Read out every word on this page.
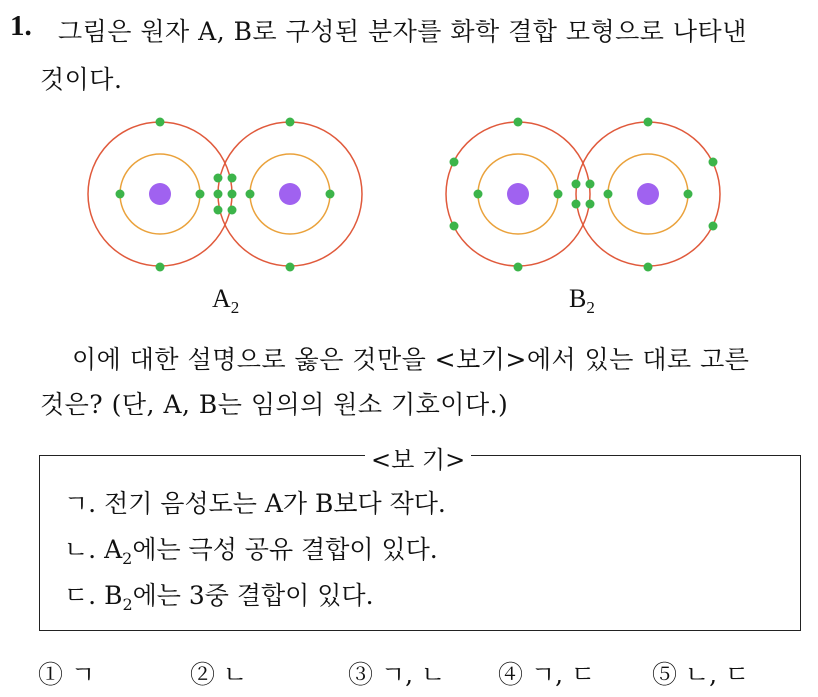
1. 그림은 원자 A, B로 구성된 분자를 화학 결합 모형으로 나타낸
것이다.
$A_2$	$B_2$
이에 대한 설명으로 옳은 것만을 <보기>에서 있는 대로 고른
것은? (단, A, B는 임의의 원소 기호이다.)
<보 기>
ㄱ. 전기 음성도는 A가 B보다 작다.
ㄴ. $A_2$에는 극성 공유 결합이 있다.
ㄷ. $B_2$에는 3중 결합이 있다.
① ㄱ	② ㄴ	③ ㄱ, ㄴ ④ ㄱ, ㄷ ⑤ ㄴ, ㄷ
